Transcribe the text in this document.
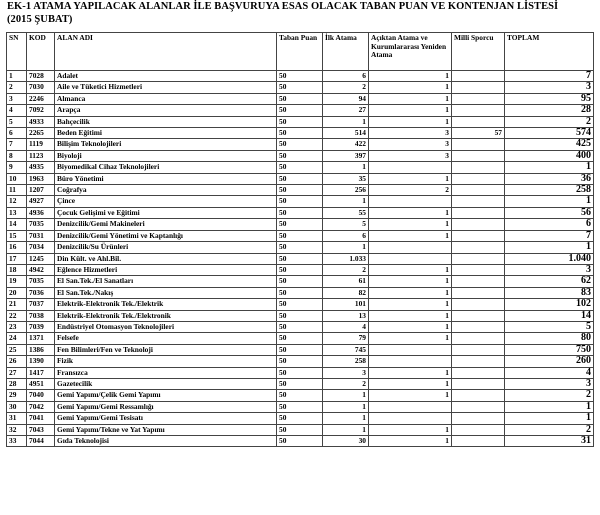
EK-1 ATAMA YAPILACAK ALANLAR İLE BAŞVURUYA ESAS OLACAK TABAN PUAN VE KONTENJAN LİSTESİ
(2015 ŞUBAT)
SN	KOD	ALAN ADI	Taban Puan	İlk Atama	Açıktan Atama ve Kurumlararası Yeniden Atama	Milli Sporcu	TOPLAM
1	7028	Adalet	50	6	1		7
2	7030	Aile ve Tüketici Hizmetleri	50	2	1		3
3	2246	Almanca	50	94	1		95
4	7092	Arapça	50	27	1		28
5	4933	Bahçecilik	50	1	1		2
6	2265	Beden Eğitimi	50	514	3	57	574
7	1119	Bilişim Teknolojileri	50	422	3		425
8	1123	Biyoloji	50	397	3		400
9	4935	Biyomedikal Cihaz Teknolojileri	50	1			1
10	1963	Büro Yönetimi	50	35	1		36
11	1207	Coğrafya	50	256	2		258
12	4927	Çince	50	1			1
13	4936	Çocuk Gelişimi ve Eğitimi	50	55	1		56
14	7035	Denizcilik/Gemi Makineleri	50	5	1		6
15	7031	Denizcilik/Gemi Yönetimi ve Kaptanlığı	50	6	1		7
16	7034	Denizcilik/Su Ürünleri	50	1			1
17	1245	Din Kült. ve Ahl.Bil.	50	1.033			1.040
18	4942	Eğlence Hizmetleri	50	2	1		3
19	7035	El San.Tek./El Sanatları	50	61	1		62
20	7036	El San.Tek./Nakış	50	82	1		83
21	7037	Elektrik-Elektronik Tek./Elektrik	50	101	1		102
22	7038	Elektrik-Elektronik Tek./Elektronik	50	13	1		14
23	7039	Endüstriyel Otomasyon Teknolojileri	50	4	1		5
24	1371	Felsefe	50	79	1		80
25	1386	Fen Bilimleri/Fen ve Teknoloji	50	745			750
26	1390	Fizik	50	258			260
27	1417	Fransızca	50	3	1		4
28	4951	Gazetecilik	50	2	1		3
29	7040	Gemi Yapımı/Çelik Gemi Yapımı	50	1	1		2
30	7042	Gemi Yapımı/Gemi Ressamlığı	50	1			1
31	7041	Gemi Yapımı/Gemi Tesisatı	50	1			1
32	7043	Gemi Yapımı/Tekne ve Yat Yapımı	50	1	1		2
33	7044	Gıda Teknolojisi	50	30	1		31
